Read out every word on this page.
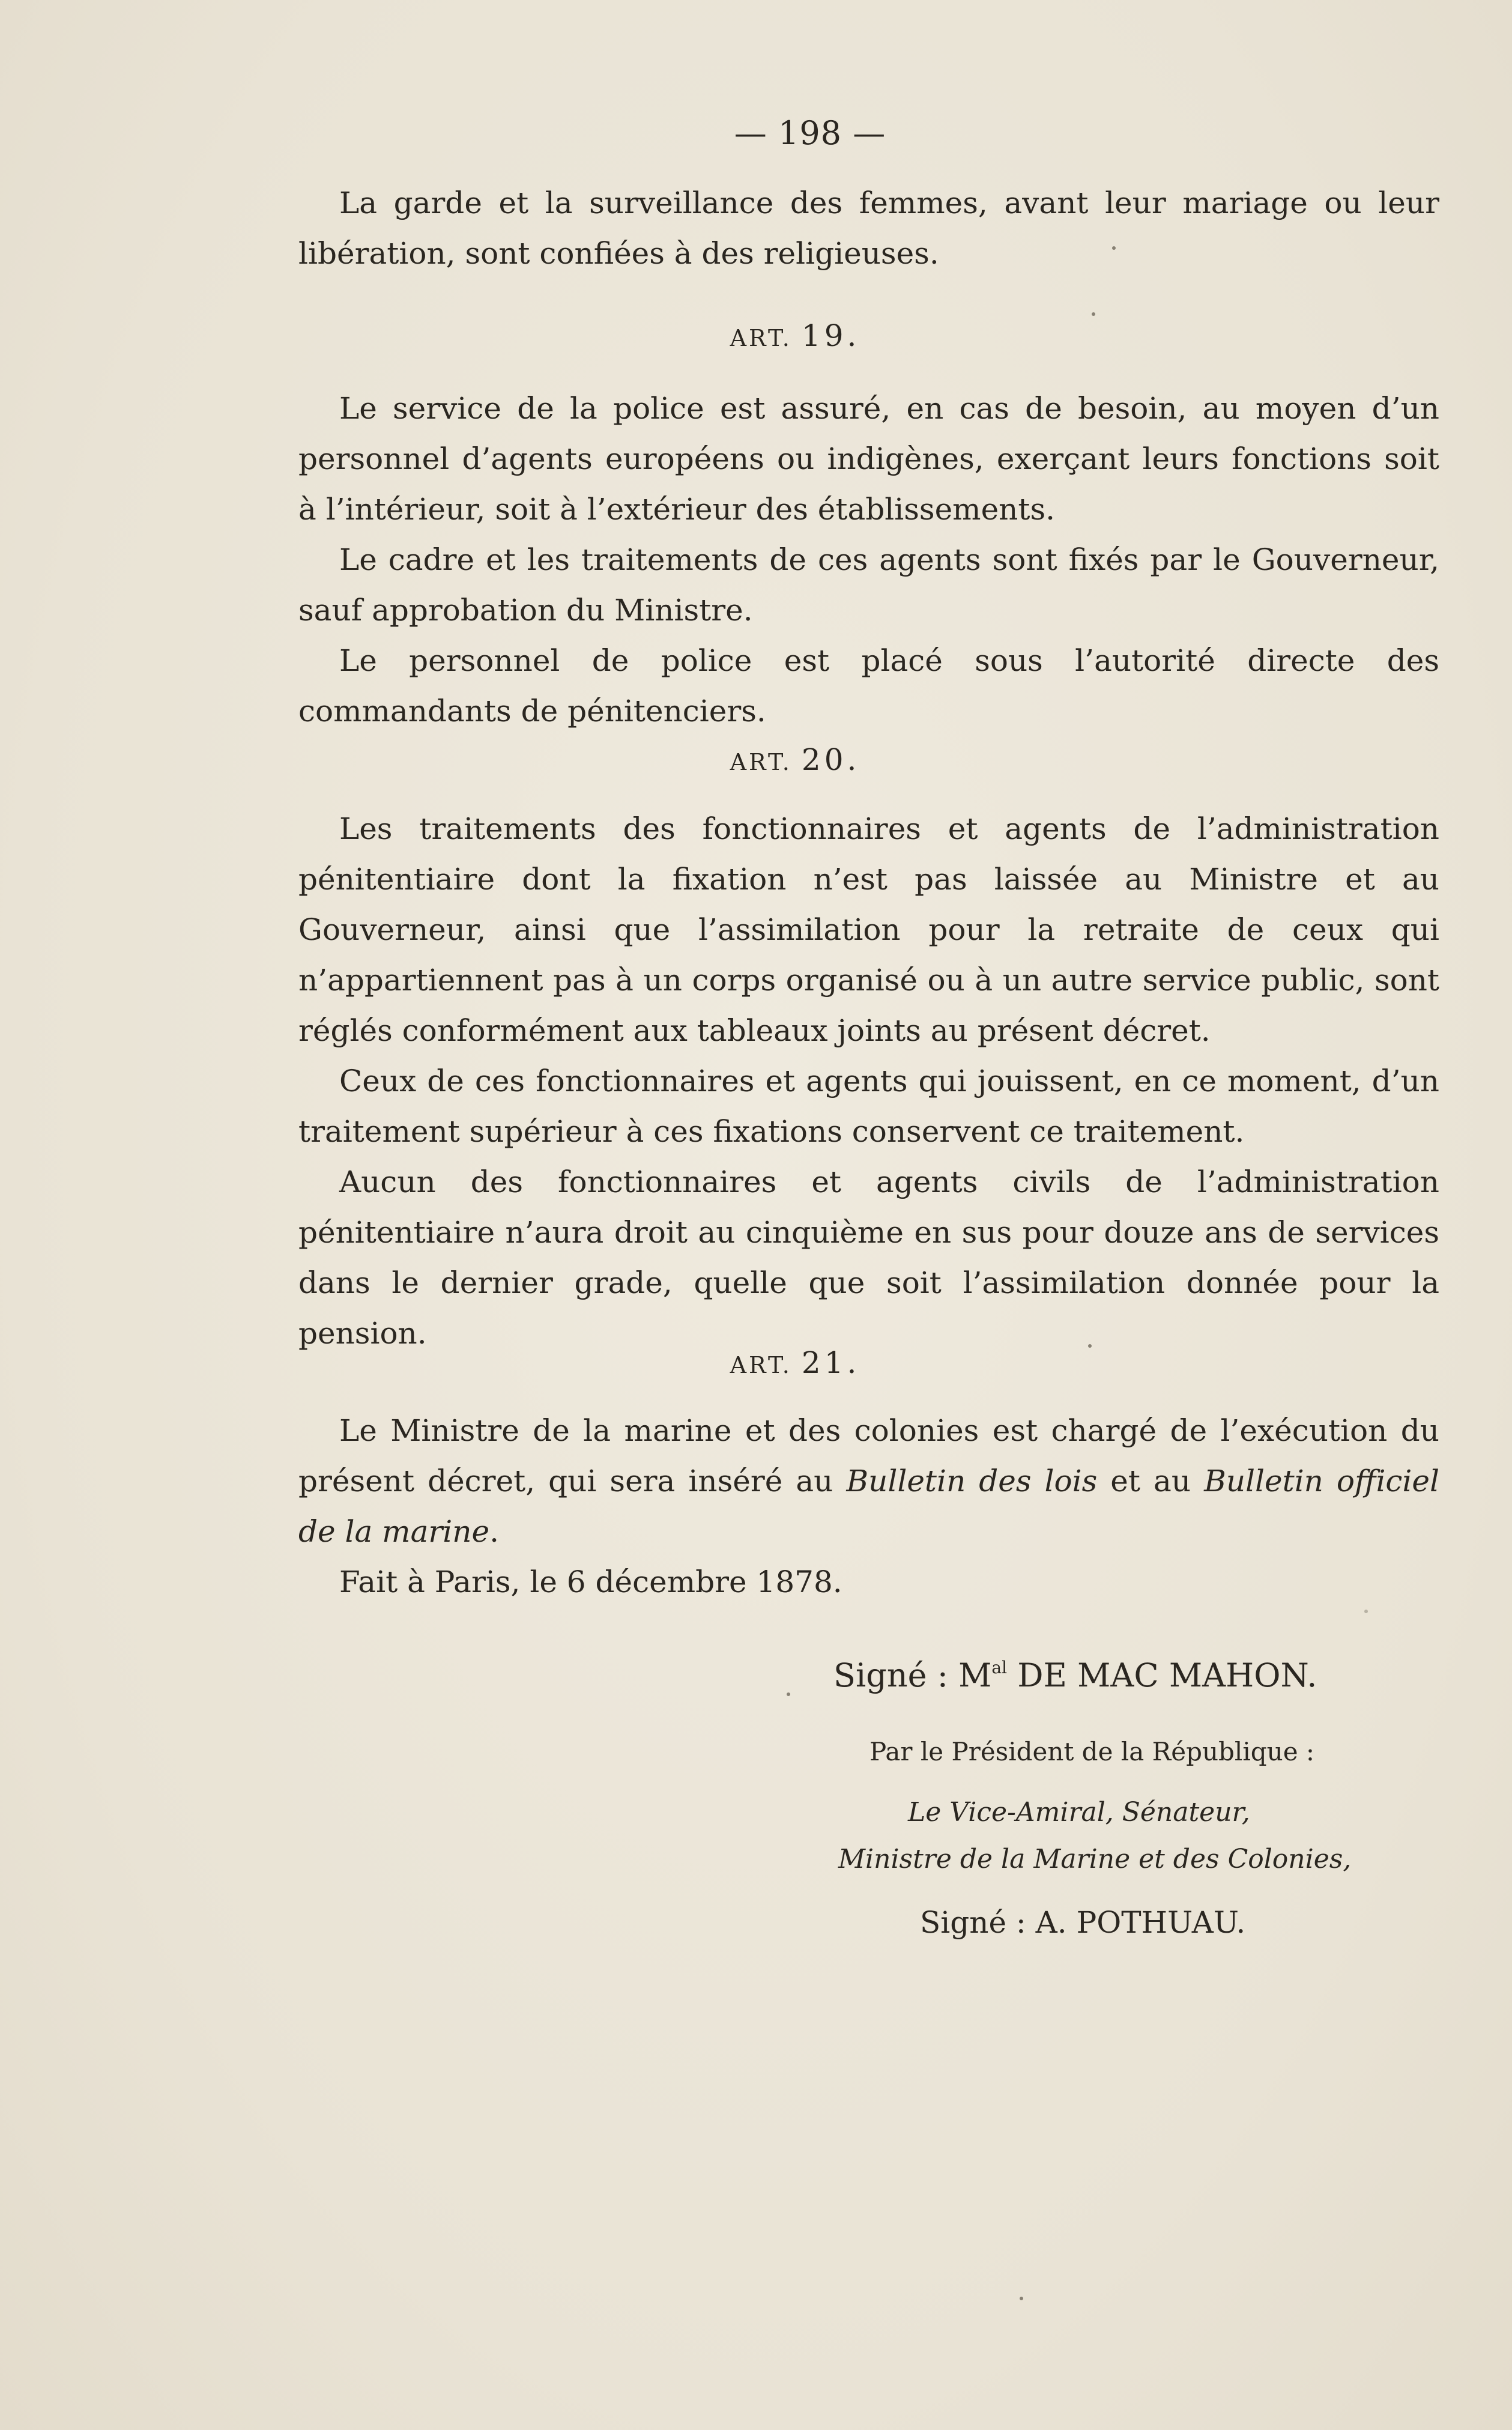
— 198 —

La garde et la surveillance des femmes, avant leur mariage ou leur libération, sont confiées à des religieuses.

ART. 19.

Le service de la police est assuré, en cas de besoin, au moyen d’un personnel d’agents européens ou indigènes, exerçant leurs fonctions soit à l’intérieur, soit à l’extérieur des établissements.

Le cadre et les traitements de ces agents sont fixés par le Gouverneur, sauf approbation du Ministre.

Le personnel de police est placé sous l’autorité directe des commandants de pénitenciers.

ART. 20.

Les traitements des fonctionnaires et agents de l’administration pénitentiaire dont la fixation n’est pas laissée au Ministre et au Gouverneur, ainsi que l’assimilation pour la retraite de ceux qui n’appartiennent pas à un corps organisé ou à un autre service public, sont réglés conformément aux tableaux joints au présent décret.

Ceux de ces fonctionnaires et agents qui jouissent, en ce moment, d’un traitement supérieur à ces fixations conservent ce traitement.

Aucun des fonctionnaires et agents civils de l’administration pénitentiaire n’aura droit au cinquième en sus pour douze ans de services dans le dernier grade, quelle que soit l’assimilation donnée pour la pension.

ART. 21.

Le Ministre de la marine et des colonies est chargé de l’exécution du présent décret, qui sera inséré au Bulletin des lois et au Bulletin officiel de la marine.

Fait à Paris, le 6 décembre 1878.

Signé : $M^{al}$ DE MAC MAHON.
Par le Président de la République :
Le Vice-Amiral, Sénateur,
Ministre de la Marine et des Colonies,
Signé : A. POTHUAU.
